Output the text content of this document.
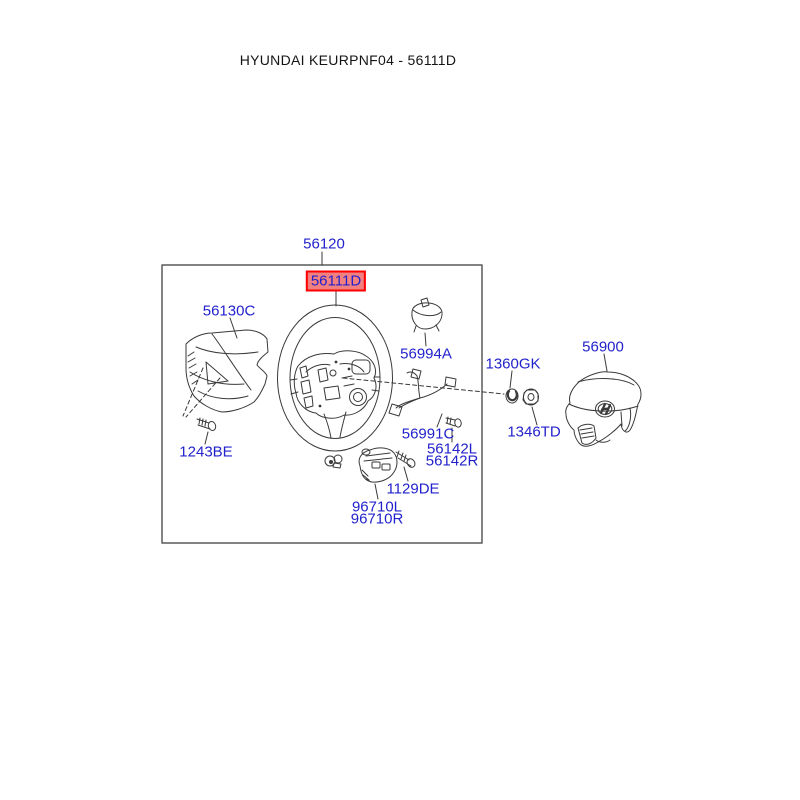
HYUNDAI KEURPNF04 - 56111D
56120
56111D
56130C
56994A
1360GK
56900
1346TD
1243BE
56991C
56142L
56142R
1129DE
96710L
96710R
